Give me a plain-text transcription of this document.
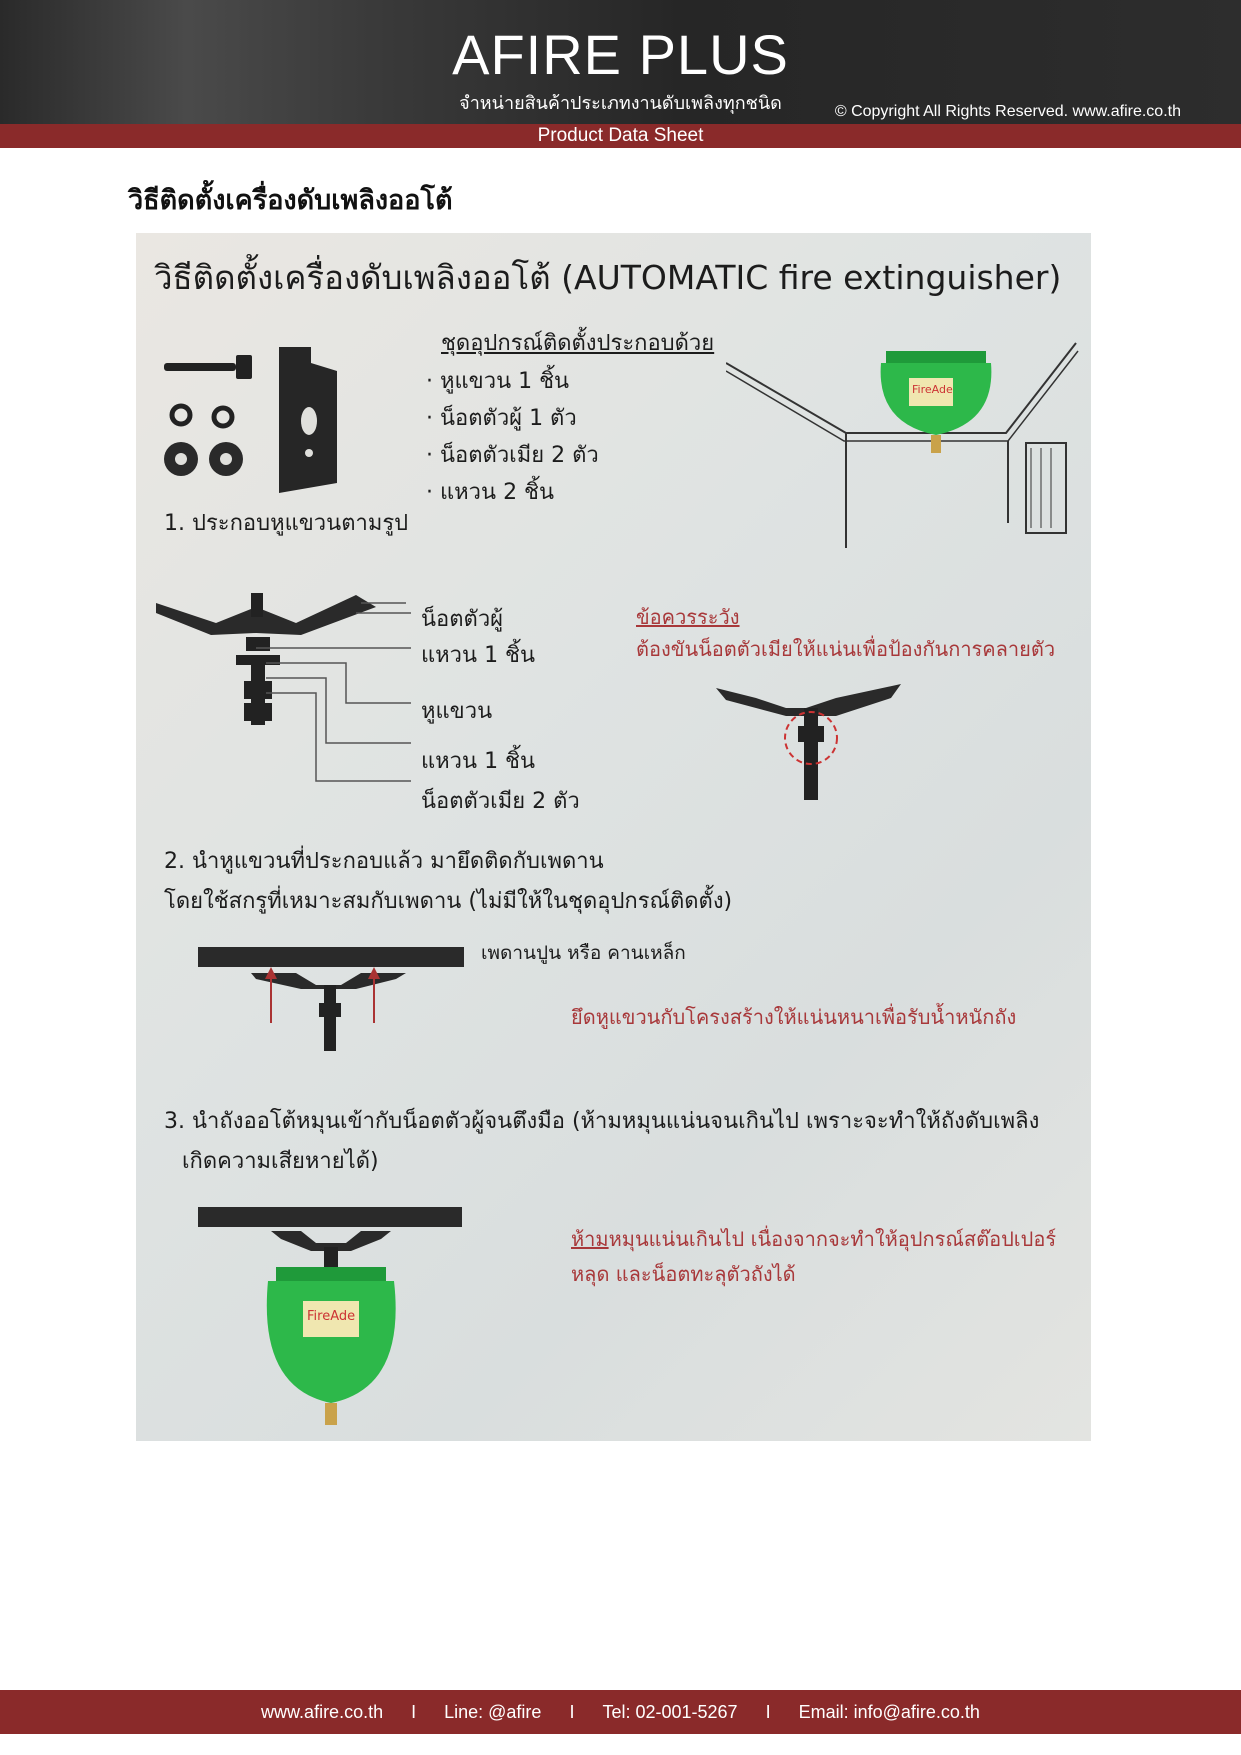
AFIRE PLUS
จำหน่ายสินค้าประเภทงานดับเพลิงทุกชนิด	© Copyright All Rights Reserved. www.afire.co.th
Product Data Sheet
วิธีติดตั้งเครื่องดับเพลิงออโต้
วิธีติดตั้งเครื่องดับเพลิงออโต้ (AUTOMATIC fire extinguisher)
ชุดอุปกรณ์ติดตั้งประกอบด้วย
· หูแขวน 1 ชิ้น
· น็อตตัวผู้ 1 ตัว
· น็อตตัวเมีย 2 ตัว
· แหวน 2 ชิ้น
FireAde
1. ประกอบหูแขวนตามรูป
น็อตตัวผู้
แหวน 1 ชิ้น
หูแขวน
แหวน 1 ชิ้น
น็อตตัวเมีย 2 ตัว
ข้อควรระวัง
ต้องขันน็อตตัวเมียให้แน่นเพื่อป้องกันการคลายตัว
2. นำหูแขวนที่ประกอบแล้ว มายึดติดกับเพดาน
โดยใช้สกรูที่เหมาะสมกับเพดาน (ไม่มีให้ในชุดอุปกรณ์ติดตั้ง)
เพดานปูน หรือ คานเหล็ก
ยึดหูแขวนกับโครงสร้างให้แน่นหนาเพื่อรับน้ำหนักถัง
3. นำถังออโต้หมุนเข้ากับน็อตตัวผู้จนตึงมือ (ห้ามหมุนแน่นจนเกินไป เพราะจะทำให้ถังดับเพลิง
เกิดความเสียหายได้)
FireAde
ห้ามหมุนแน่นเกินไป เนื่องจากจะทำให้อุปกรณ์สต๊อปเปอร์
หลุด และน็อตทะลุตัวถังได้
www.afire.co.th I Line: @afire I Tel: 02-001-5267 I Email: info@afire.co.th
